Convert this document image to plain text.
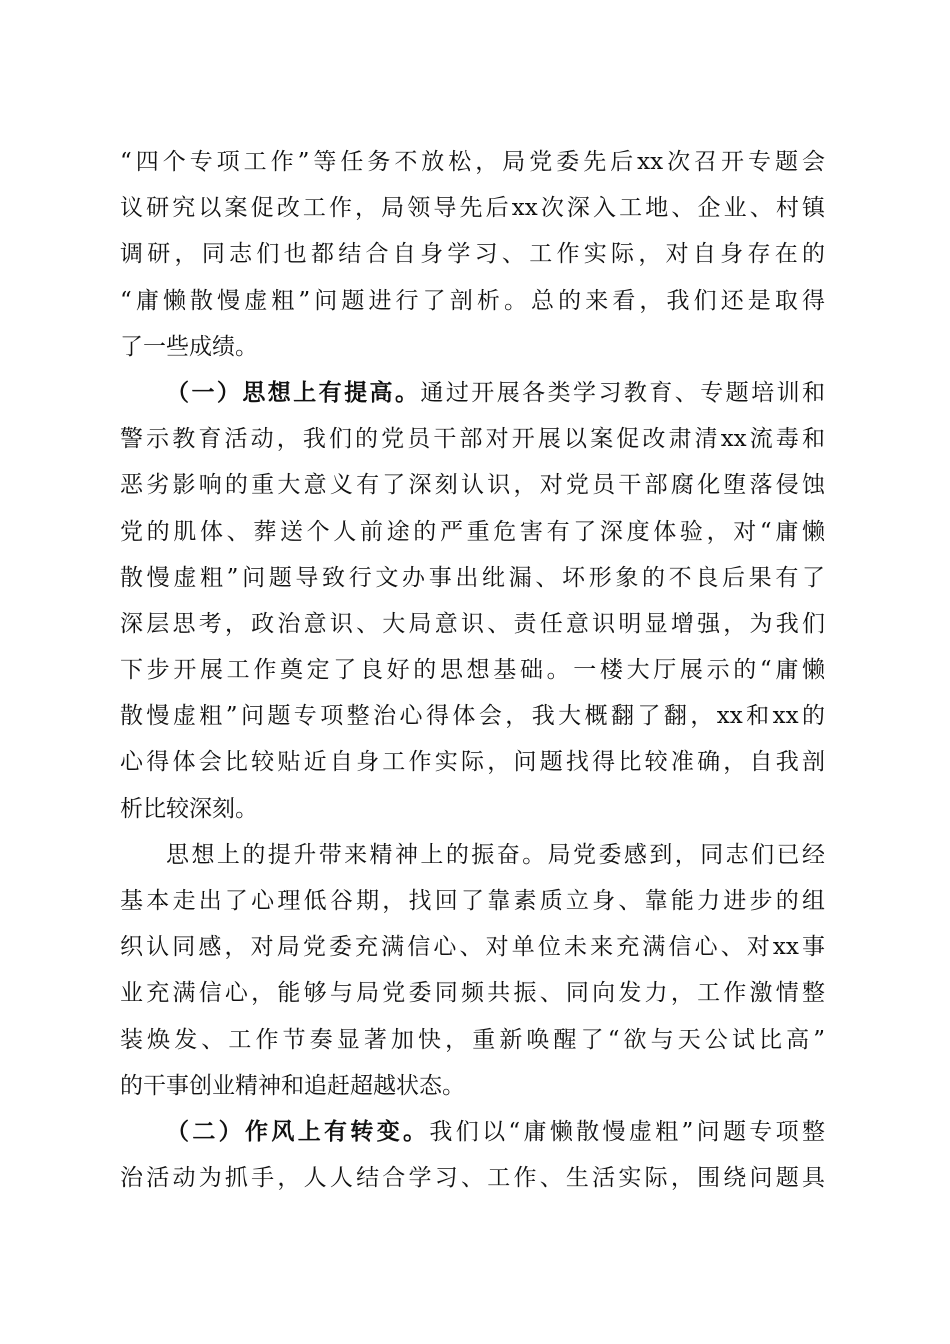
“四个专项工作”等任务不放松，局党委先后xx次召开专题会
议研究以案促改工作，局领导先后xx次深入工地、企业、村镇
调研，同志们也都结合自身学习、工作实际，对自身存在的
“庸懒散慢虚粗”问题进行了剖析。总的来看，我们还是取得
了一些成绩。
（一）思想上有提高。通过开展各类学习教育、专题培训和
警示教育活动，我们的党员干部对开展以案促改肃清xx流毒和
恶劣影响的重大意义有了深刻认识，对党员干部腐化堕落侵蚀
党的肌体、葬送个人前途的严重危害有了深度体验，对“庸懒
散慢虚粗”问题导致行文办事出纰漏、坏形象的不良后果有了
深层思考，政治意识、大局意识、责任意识明显增强，为我们
下步开展工作奠定了良好的思想基础。一楼大厅展示的“庸懒
散慢虚粗”问题专项整治心得体会，我大概翻了翻，xx和xx的
心得体会比较贴近自身工作实际，问题找得比较准确，自我剖
析比较深刻。
思想上的提升带来精神上的振奋。局党委感到，同志们已经
基本走出了心理低谷期，找回了靠素质立身、靠能力进步的组
织认同感，对局党委充满信心、对单位未来充满信心、对xx事
业充满信心，能够与局党委同频共振、同向发力，工作激情整
装焕发、工作节奏显著加快，重新唤醒了“欲与天公试比高”
的干事创业精神和追赶超越状态。
（二）作风上有转变。我们以“庸懒散慢虚粗”问题专项整
治活动为抓手，人人结合学习、工作、生活实际，围绕问题具
